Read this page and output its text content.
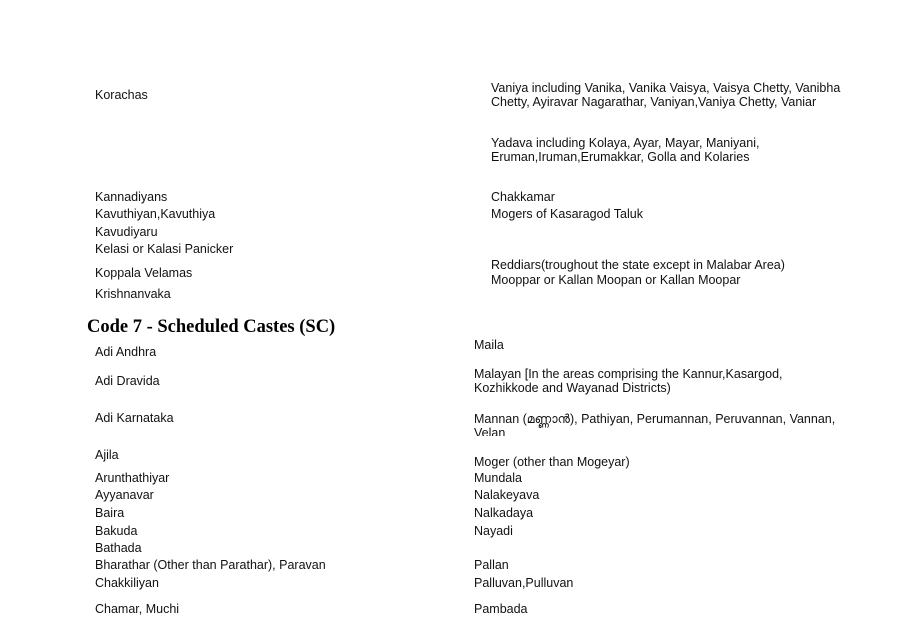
Korachas
Kannadiyans
Kavuthiyan,Kavuthiya
Kavudiyaru
Kelasi or Kalasi Panicker
Koppala Velamas
Krishnanvaka
Vaniya including Vanika, Vanika Vaisya, Vaisya Chetty, Vanibha
Chetty, Ayiravar Nagarathar, Vaniyan,Vaniya Chetty, Vaniar
Yadava including Kolaya, Ayar, Mayar, Maniyani,
Eruman,Iruman,Erumakkar, Golla and Kolaries
Chakkamar
Mogers of Kasaragod Taluk
Reddiars(troughout the state except in Malabar Area)
Mooppar or Kallan Moopan or Kallan Moopar
Code 7 - Scheduled Castes (SC)
Adi Andhra
Adi Dravida
Adi Karnataka
Ajila
Arunthathiyar
Ayyanavar
Baira
Bakuda
Bathada
Bharathar (Other than Parathar), Paravan
Chakkiliyan
Chamar, Muchi
Maila
Malayan [In the areas comprising the Kannur,Kasargod,
Kozhikkode and Wayanad Districts)
Mannan (മണ്ണാൻ), Pathiyan, Perumannan, Peruvannan, Vannan,
Velan
Moger (other than Mogeyar)
Mundala
Nalakeyava
Nalkadaya
Nayadi
Pallan
Palluvan,Pulluvan
Pambada
